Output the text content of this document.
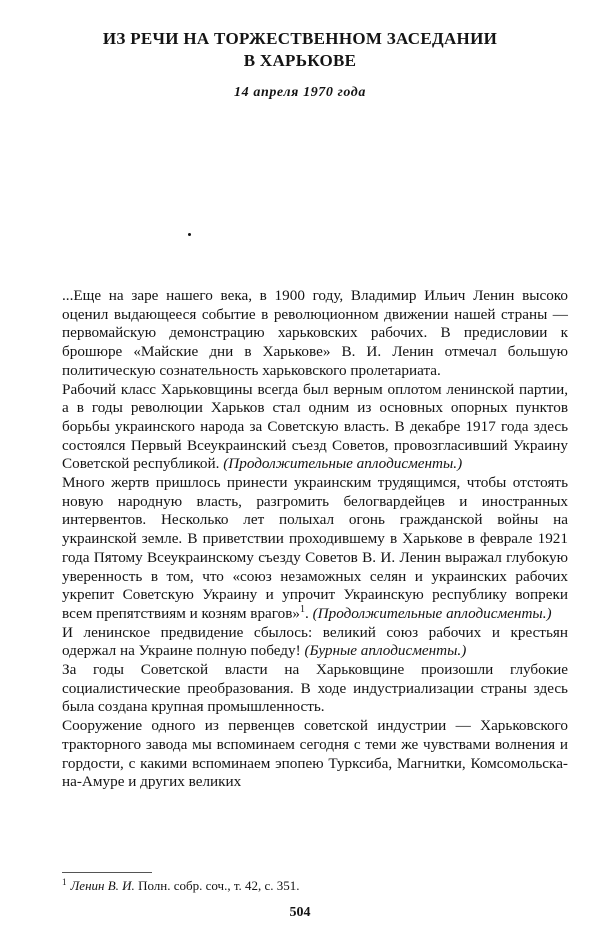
ИЗ РЕЧИ НА ТОРЖЕСТВЕННОМ ЗАСЕДАНИИ
В ХАРЬКОВЕ
14 апреля 1970 года

...Еще на заре нашего века, в 1900 году, Владимир Ильич Ленин высоко оценил выдающееся событие в революционном движении нашей страны — первомайскую демонстрацию харьковских рабочих. В предисловии к брошюре «Майские дни в Харькове» В. И. Ленин отмечал большую политическую сознательность харьковского пролетариата.

Рабочий класс Харьковщины всегда был верным оплотом ленинской партии, а в годы революции Харьков стал одним из основных опорных пунктов борьбы украинского народа за Советскую власть. В декабре 1917 года здесь состоялся Первый Всеукраинский съезд Советов, провозгласивший Украину Советской республикой. (Продолжительные аплодисменты.)

Много жертв пришлось принести украинским трудящимся, чтобы отстоять новую народную власть, разгромить белогвардейцев и иностранных интервентов. Несколько лет полыхал огонь гражданской войны на украинской земле. В приветствии проходившему в Харькове в феврале 1921 года Пятому Всеукраинскому съезду Советов В. И. Ленин выражал глубокую уверенность в том, что «союз незаможных селян и украинских рабочих укрепит Советскую Украину и упрочит Украинскую республику вопреки всем препятствиям и козням врагов»$^1$. (Продолжительные аплодисменты.)

И ленинское предвидение сбылось: великий союз рабочих и крестьян одержал на Украине полную победу! (Бурные аплодисменты.)

За годы Советской власти на Харьковщине произошли глубокие социалистические преобразования. В ходе индустриализации страны здесь была создана крупная промышленность.

Сооружение одного из первенцев советской индустрии — Харьковского тракторного завода мы вспоминаем сегодня с теми же чувствами волнения и гордости, с какими вспоминаем эпопею Турксиба, Магнитки, Комсомольска-на-Амуре и других великих

$^1$ Ленин В. И. Полн. собр. соч., т. 42, с. 351.
504
